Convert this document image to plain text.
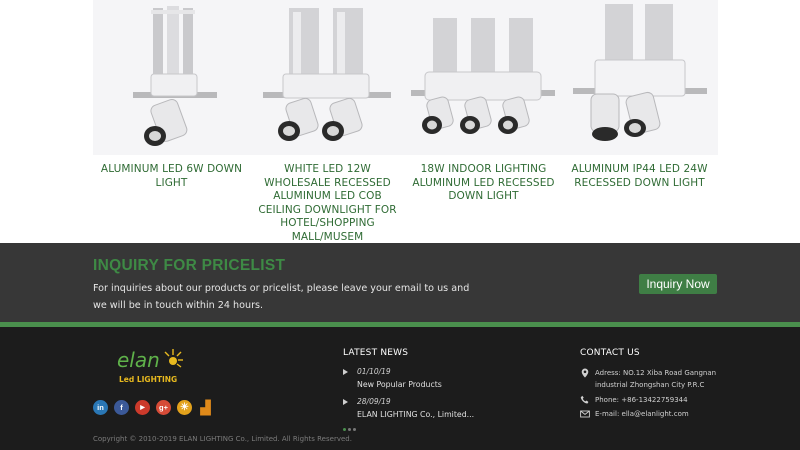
ALUMINUM LED 6W DOWN LIGHT
WHITE LED 12W WHOLESALE RECESSED ALUMINUM LED COB CEILING DOWNLIGHT FOR HOTEL/SHOPPING MALL/MUSEM
18W INDOOR LIGHTING ALUMINUM LED RECESSED DOWN LIGHT
ALUMINUM IP44 LED 24W RECESSED DOWN LIGHT
INQUIRY FOR PRICELIST
For inquiries about our products or pricelist, please leave your email to us and we will be in touch within 24 hours.
Inquiry Now
elan
Led LIGHTING
in	f	▶	g+	☀ ▟
Copyright © 2010-2019 ELAN LIGHTING Co., Limited. All Rights Reserved.
LATEST NEWS
01/10/19
New Popular Products
28/09/19
ELAN LIGHTING Co., Limited...
CONTACT US
Adress: NO.12 Xiba Road Gangnan industrial Zhongshan City P.R.C
Phone: +86-13422759344
E-mail: ella@elanlight.com
